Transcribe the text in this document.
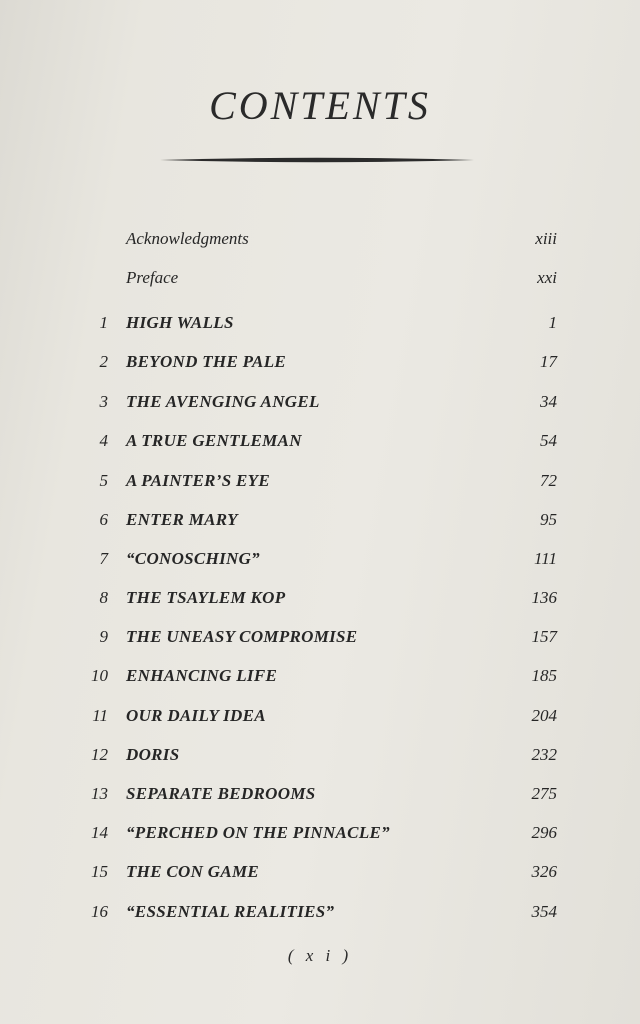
CONTENTS
Acknowledgments	xiii
Preface	xxi
1 HIGH WALLS	1
2 BEYOND THE PALE	17
3 THE AVENGING ANGEL	34
4 A TRUE GENTLEMAN	54
5 A PAINTER’S EYE	72
6 ENTER MARY	95
7 “CONOSCHING”	111
8 THE TSAYLEM KOP	136
9 THE UNEASY COMPROMISE	157
10 ENHANCING LIFE	185
11 OUR DAILY IDEA	204
12 DORIS	232
13 SEPARATE BEDROOMS	275
14 “PERCHED ON THE PINNACLE”	296
15 THE CON GAME	326
16 “ESSENTIAL REALITIES”	354
( x i )
